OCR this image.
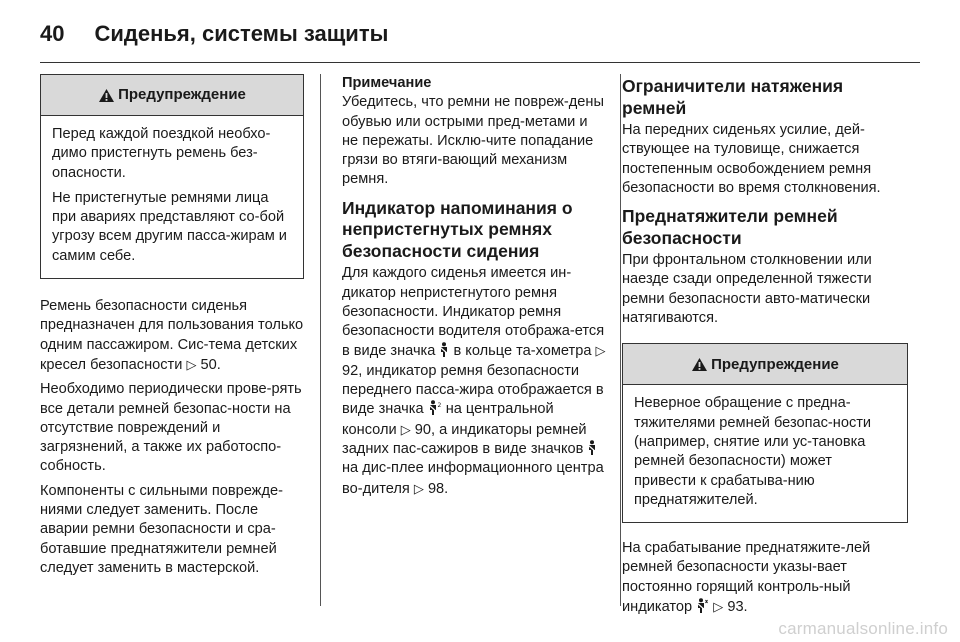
40 Сиденья, системы защиты
Предупреждение

Перед каждой поездкой необхо-димо пристегнуть ремень без-опасности.

Не пристегнутые ремнями лица при авариях представляют со-бой угрозу всем другим пасса-жирам и самим себе.

Ремень безопасности сиденья предназначен для пользования только одним пассажиром. Сис-тема детских кресел безопасности ▷ 50.

Необходимо периодически прове-рять все детали ремней безопас-ности на отсутствие повреждений и загрязнений, а также их работоспо-собность.

Компоненты с сильными поврежде-ниями следует заменить. После аварии ремни безопасности и сра-ботавшие преднатяжители ремней следует заменить в мастерской.

Примечание

Убедитесь, что ремни не повреж-дены обувью или острыми пред-метами и не пережаты. Исклю-чите попадание грязи во втяги-вающий механизм ремня.

Индикатор напоминания о непристегнутых ремнях безопасности сидения

Для каждого сиденья имеется ин-дикатор непристегнутого ремня безопасности. Индикатор ремня безопасности водителя отобража-ется в виде значка в кольце та-хометра ▷ 92, индикатор ремня безопасности переднего пасса-жира отображается в виде значка 2 на центральной консоли ▷ 90, а индикаторы ремней задних пас-сажиров в виде значков  на дис-плее информационного центра во-дителя ▷ 98.

Ограничители натяжения ремней

На передних сиденьях усилие, дей-ствующее на туловище, снижается постепенным освобождением ремня безопасности во время столкновения.

Преднатяжители ремней безопасности

При фронтальном столкновении или наезде сзади определенной тяжести ремни безопасности авто-матически натягиваются.

Предупреждение

Неверное обращение с предна-тяжителями ремней безопас-ности (например, снятие или ус-тановка ремней безопасности) может привести к срабатыва-нию преднатяжителей.

На срабатывание преднатяжите-лей ремней безопасности указы-вает постоянно горящий контроль-ный индикатор ▷ 93.

carmanualsonline.info
